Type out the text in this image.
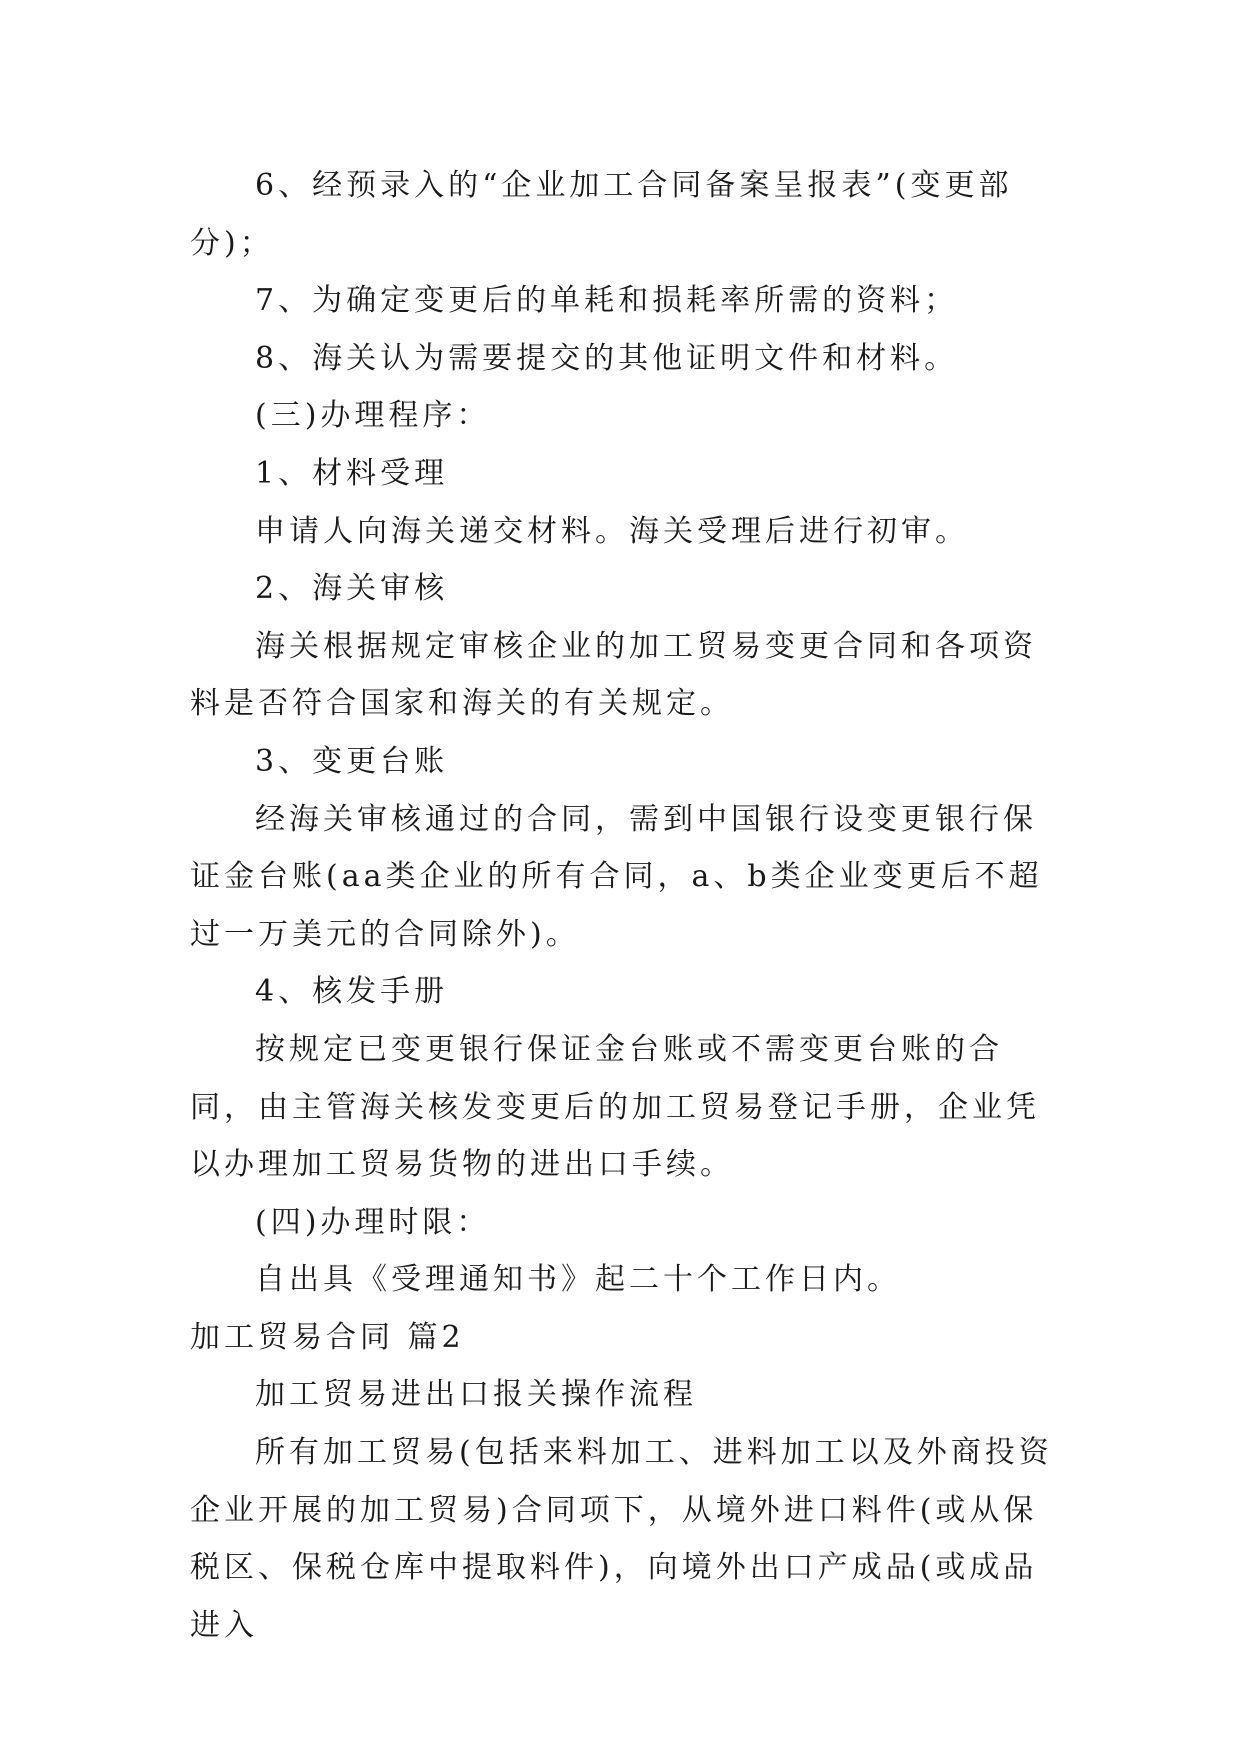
6、经预录入的“企业加工合同备案呈报表”(变更部分)；

7、为确定变更后的单耗和损耗率所需的资料；

8、海关认为需要提交的其他证明文件和材料。

(三)办理程序：

1、材料受理

申请人向海关递交材料。海关受理后进行初审。

2、海关审核

海关根据规定审核企业的加工贸易变更合同和各项资料是否符合国家和海关的有关规定。

3、变更台账

经海关审核通过的合同，需到中国银行设变更银行保证金台账(aa类企业的所有合同，a、b类企业变更后不超过一万美元的合同除外)。

4、核发手册

按规定已变更银行保证金台账或不需变更台账的合同，由主管海关核发变更后的加工贸易登记手册，企业凭以办理加工贸易货物的进出口手续。

(四)办理时限：

自出具《受理通知书》起二十个工作日内。

加工贸易合同 篇2

加工贸易进出口报关操作流程

所有加工贸易(包括来料加工、进料加工以及外商投资企业开展的加工贸易)合同项下，从境外进口料件(或从保税区、保税仓库中提取料件)，向境外出口产成品(或成品进入
